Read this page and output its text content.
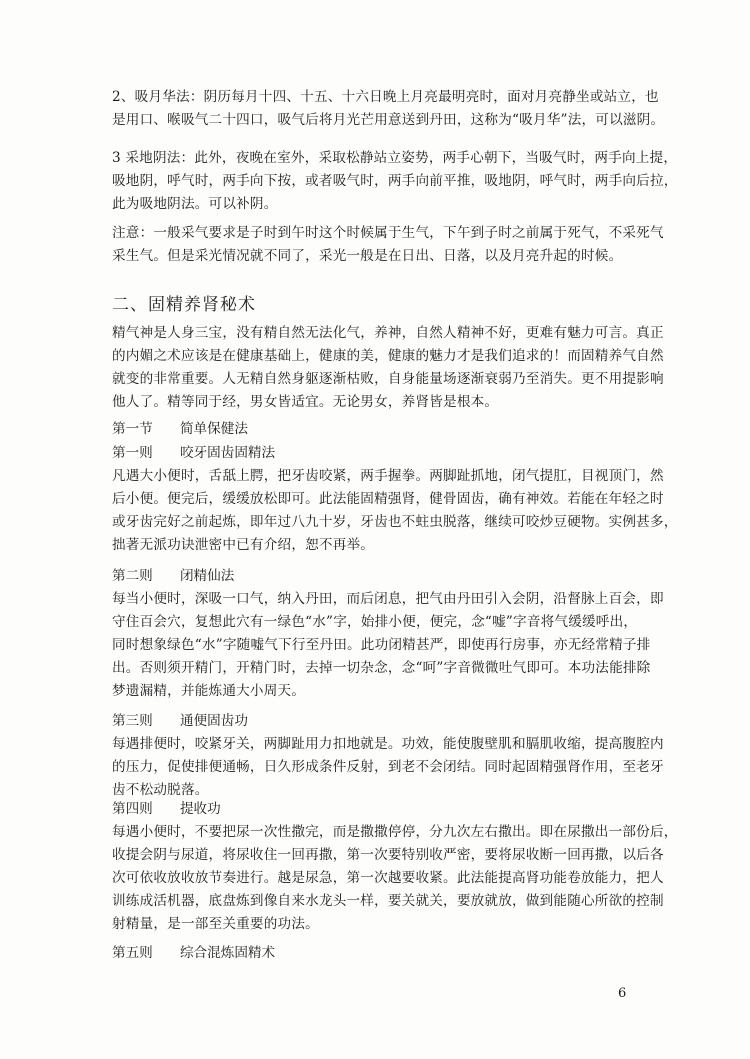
2、吸月华法：阴历每月十四、十五、十六日晚上月亮最明亮时，面对月亮静坐或站立，也
是用口、喉吸气二十四口，吸气后将月光芒用意送到丹田，这称为“吸月华”法，可以滋阴。
3 采地阴法：此外，夜晚在室外，采取松静站立姿势，两手心朝下，当吸气时，两手向上提，
吸地阴，呼气时，两手向下按，或者吸气时，两手向前平推，吸地阴，呼气时，两手向后拉，
此为吸地阴法。可以补阴。
注意：一般采气要求是子时到午时这个时候属于生气，下午到子时之前属于死气，不采死气
采生气。但是采光情况就不同了，采光一般是在日出、日落，以及月亮升起的时候。
二、固精养肾秘术
精气神是人身三宝，没有精自然无法化气，养神，自然人精神不好，更难有魅力可言。真正
的内媚之术应该是在健康基础上，健康的美，健康的魅力才是我们追求的！而固精养气自然
就变的非常重要。人无精自然身躯逐渐枯败，自身能量场逐渐衰弱乃至消失。更不用提影响
他人了。精等同于经，男女皆适宜。无论男女，养肾皆是根本。
第一节　　简单保健法
第一则　　咬牙固齿固精法
凡遇大小便时，舌舐上腭，把牙齿咬紧，两手握拳。两脚趾抓地，闭气提肛，目视顶门，然
后小便。便完后，缓缓放松即可。此法能固精强肾，健骨固齿，确有神效。若能在年轻之时
或牙齿完好之前起炼，即年过八九十岁，牙齿也不蛀虫脱落，继续可咬炒豆硬物。实例甚多，
拙著无派功诀泄密中已有介绍，恕不再举。
第二则　　闭精仙法
每当小便时，深吸一口气，纳入丹田，而后闭息，把气由丹田引入会阴，沿督脉上百会，即
守住百会穴，复想此穴有一绿色“水”字，始排小便，便完，念“嘘”字音将气缓缓呼出，
同时想象绿色“水”字随嘘气下行至丹田。此功闭精甚严，即使再行房事，亦无经常精子排
出。否则须开精门，开精门时，去掉一切杂念，念“呵”字音微微吐气即可。本功法能排除
梦遗漏精，并能炼通大小周天。
第三则　　通便固齿功
每遇排便时，咬紧牙关，两脚趾用力扣地就是。功效，能使腹壁肌和膈肌收缩，提高腹腔内
的压力，促使排便通畅，日久形成条件反射，到老不会闭结。同时起固精强肾作用，至老牙
齿不松动脱落。
第四则　　提收功
每遇小便时，不要把尿一次性撒完，而是撒撒停停，分九次左右撒出。即在尿撒出一部份后，
收提会阴与尿道，将尿收住一回再撒，第一次要特别收严密，要将尿收断一回再撒，以后各
次可依收放收放节奏进行。越是尿急，第一次越要收紧。此法能提高肾功能卷放能力，把人
训练成活机器，底盘炼到像自来水龙头一样，要关就关，要放就放，做到能随心所欲的控制
射精量，是一部至关重要的功法。
第五则　　综合混炼固精术
6
